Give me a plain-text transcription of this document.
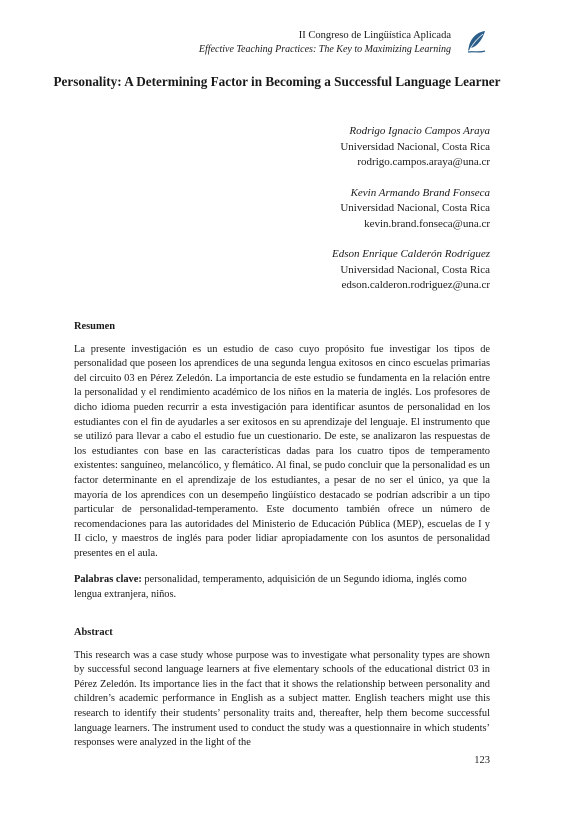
II Congreso de Lingüística Aplicada
Effective Teaching Practices: The Key to Maximizing Learning
Personality: A Determining Factor in Becoming a Successful Language Learner
Rodrigo Ignacio Campos Araya
Universidad Nacional, Costa Rica
rodrigo.campos.araya@una.cr
Kevin Armando Brand Fonseca
Universidad Nacional, Costa Rica
kevin.brand.fonseca@una.cr
Edson Enrique Calderón Rodríguez
Universidad Nacional, Costa Rica
edson.calderon.rodriguez@una.cr
Resumen

La presente investigación es un estudio de caso cuyo propósito fue investigar los tipos de personalidad que poseen los aprendices de una segunda lengua exitosos en cinco escuelas primarias del circuito 03 en Pérez Zeledón. La importancia de este estudio se fundamenta en la relación entre la personalidad y el rendimiento académico de los niños en la materia de inglés. Los profesores de dicho idioma pueden recurrir a esta investigación para identificar asuntos de personalidad en los estudiantes con el fin de ayudarles a ser exitosos en su aprendizaje del lenguaje. El instrumento que se utilizó para llevar a cabo el estudio fue un cuestionario. De este, se analizaron las respuestas de los estudiantes con base en las características dadas para los cuatro tipos de temperamento existentes: sanguíneo, melancólico, y flemático. Al final, se pudo concluir que la personalidad es un factor determinante en el aprendizaje de los estudiantes, a pesar de no ser el único, ya que la mayoría de los aprendices con un desempeño lingüístico destacado se podrían adscribir a un tipo particular de personalidad-temperamento. Este documento también ofrece un número de recomendaciones para las autoridades del Ministerio de Educación Pública (MEP), escuelas de I y II ciclo, y maestros de inglés para poder lidiar apropiadamente con los asuntos de personalidad presentes en el aula.

Palabras clave: personalidad, temperamento, adquisición de un Segundo idioma, inglés como lengua extranjera, niños.

Abstract

This research was a case study whose purpose was to investigate what personality types are shown by successful second language learners at five elementary schools of the educational district 03 in Pérez Zeledón. Its importance lies in the fact that it shows the relationship between personality and children’s academic performance in English as a subject matter. English teachers might use this research to identify their students’ personality traits and, thereafter, help them become successful language learners. The instrument used to conduct the study was a questionnaire in which students’ responses were analyzed in the light of the

123
